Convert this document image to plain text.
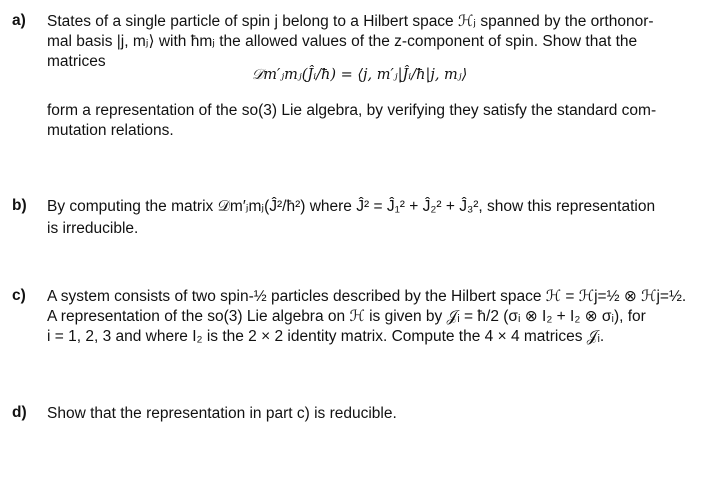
a) States of a single particle of spin j belong to a Hilbert space ℋⱼ spanned by the orthonor-
mal basis |j, mⱼ⟩ with ħmⱼ the allowed values of the z-component of spin. Show that the
matrices
𝒟m′ⱼmⱼ(Ĵᵢ/ħ) = ⟨j, m′ⱼ|Ĵᵢ/ħ|j, mⱼ⟩
form a representation of the so(3) Lie algebra, by verifying they satisfy the standard com-
mutation relations.
b) By computing the matrix 𝒟m′ⱼmⱼ(Ĵ²/ħ²) where Ĵ² = Ĵ₁² + Ĵ₂² + Ĵ₃², show this representation
is irreducible.
c) A system consists of two spin-½ particles described by the Hilbert space ℋ = ℋj=½ ⊗ ℋj=½.
A representation of the so(3) Lie algebra on ℋ is given by 𝒥ᵢ = ħ/2 (σᵢ ⊗ I₂ + I₂ ⊗ σᵢ), for
i = 1, 2, 3 and where I₂ is the 2 × 2 identity matrix. Compute the 4 × 4 matrices 𝒥ᵢ.
d) Show that the representation in part c) is reducible.
